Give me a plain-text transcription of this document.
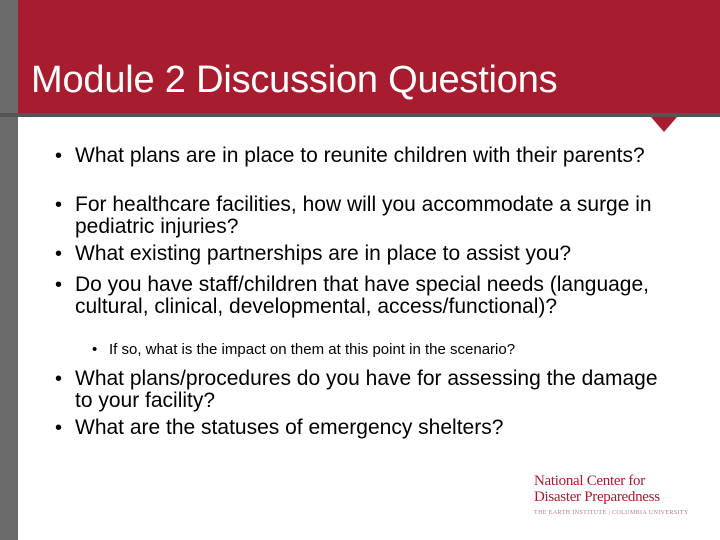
Module 2 Discussion Questions
• What plans are in place to reunite children with their parents?
• For healthcare facilities, how will you accommodate a surge in pediatric injuries?
• What existing partnerships are in place to assist you?
• Do you have staff/children that have special needs (language, cultural, clinical, developmental, access/functional)?
• If so, what is the impact on them at this point in the scenario?
• What plans/procedures do you have for assessing the damage to your facility?
• What are the statuses of emergency shelters?
National Center for
Disaster Preparedness
THE EARTH INSTITUTE | COLUMBIA UNIVERSITY
